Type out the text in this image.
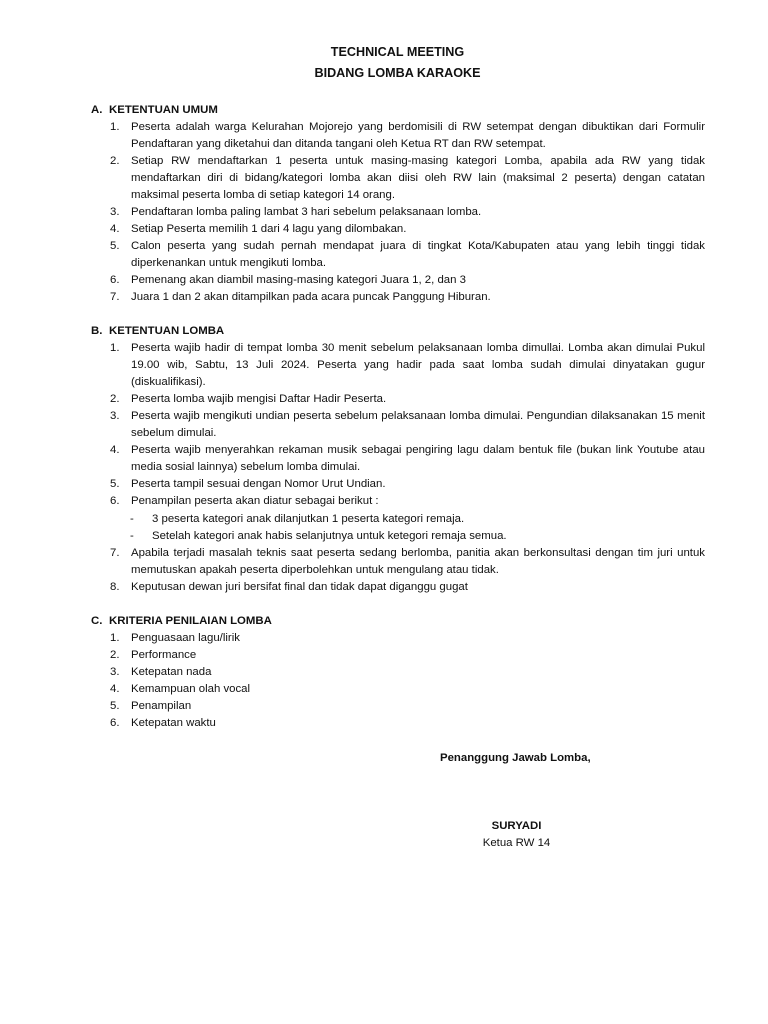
TECHNICAL MEETING
BIDANG LOMBA KARAOKE
A. KETENTUAN UMUM
1.	Peserta adalah warga Kelurahan Mojorejo yang berdomisili di RW setempat dengan dibuktikan dari Formulir Pendaftaran yang diketahui dan ditanda tangani oleh Ketua RT dan RW setempat.
2.	Setiap RW mendaftarkan 1 peserta untuk masing-masing kategori Lomba, apabila ada RW yang tidak mendaftarkan diri di bidang/kategori lomba akan diisi oleh RW lain (maksimal 2 peserta) dengan catatan maksimal peserta lomba di setiap kategori 14 orang.
3.	Pendaftaran lomba paling lambat 3 hari sebelum pelaksanaan lomba.
4.	Setiap Peserta memilih 1 dari 4 lagu yang dilombakan.
5.	Calon peserta yang sudah pernah mendapat juara di tingkat Kota/Kabupaten atau yang lebih tinggi tidak diperkenankan untuk mengikuti lomba.
6.	Pemenang akan diambil masing-masing kategori Juara 1, 2, dan 3
7.	Juara 1 dan 2 akan ditampilkan pada acara puncak Panggung Hiburan.
B. KETENTUAN LOMBA
1.	Peserta wajib hadir di tempat lomba 30 menit sebelum pelaksanaan lomba dimullai. Lomba akan dimulai Pukul 19.00 wib, Sabtu, 13 Juli 2024. Peserta yang hadir pada saat lomba sudah dimulai dinyatakan gugur (diskualifikasi).
2.	Peserta lomba wajib mengisi Daftar Hadir Peserta.
3.	Peserta wajib mengikuti undian peserta sebelum pelaksanaan lomba dimulai. Pengundian dilaksanakan 15 menit sebelum dimulai.
4.	Peserta wajib menyerahkan rekaman musik sebagai pengiring lagu dalam bentuk file (bukan link Youtube atau media sosial lainnya) sebelum lomba dimulai.
5.	Peserta tampil sesuai dengan Nomor Urut Undian.
6.	Penampilan peserta akan diatur sebagai berikut :
- 3 peserta kategori anak dilanjutkan 1 peserta kategori remaja.
- Setelah kategori anak habis selanjutnya untuk ketegori remaja semua.
7.	Apabila terjadi masalah teknis saat peserta sedang berlomba, panitia akan berkonsultasi dengan tim juri untuk memutuskan apakah peserta diperbolehkan untuk mengulang atau tidak.
8.	Keputusan dewan juri bersifat final dan tidak dapat diganggu gugat
C. KRITERIA PENILAIAN LOMBA
1.	Penguasaan lagu/lirik
2.	Performance
3.	Ketepatan nada
4.	Kemampuan olah vocal
5.	Penampilan
6.	Ketepatan waktu
Penanggung Jawab Lomba,
SURYADI
Ketua RW 14
